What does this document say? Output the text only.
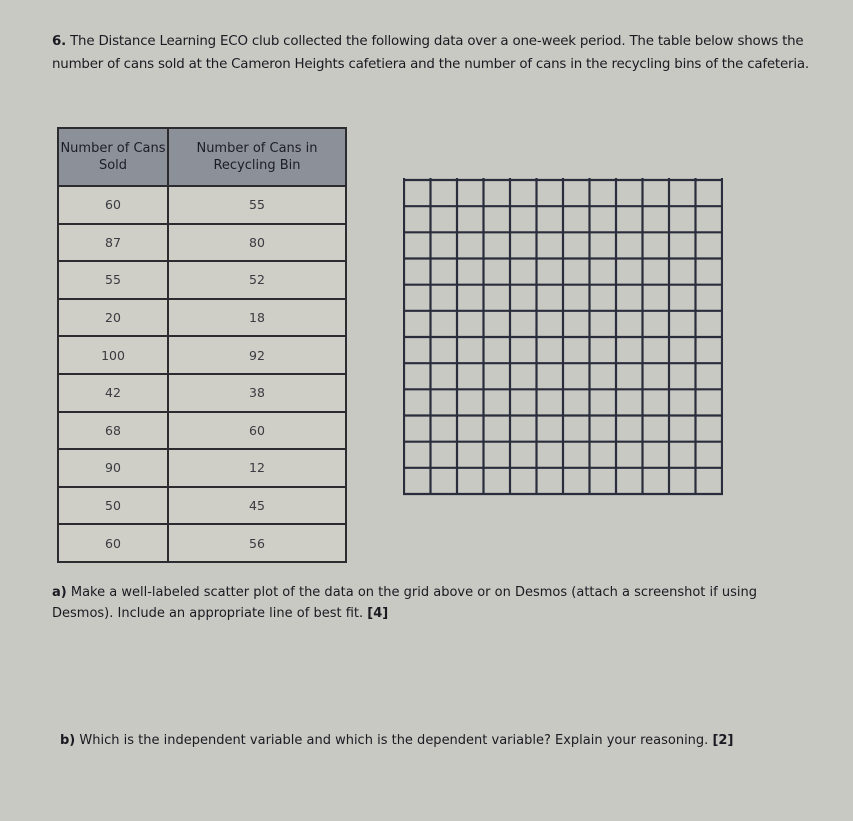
6. The Distance Learning ECO club collected the following data over a one-week period. The table below shows the number of cans sold at the Cameron Heights cafetiera and the number of cans in the recycling bins of the cafeteria.
Number of Cans Sold	Number of Cans in Recycling Bin
60	55
87	80
55	52
20	18
100	92
42	38
68	60
90	12
50	45
60	56
a) Make a well-labeled scatter plot of the data on the grid above or on Desmos (attach a screenshot if using Desmos). Include an appropriate line of best fit. [4]
b) Which is the independent variable and which is the dependent variable? Explain your reasoning. [2]
